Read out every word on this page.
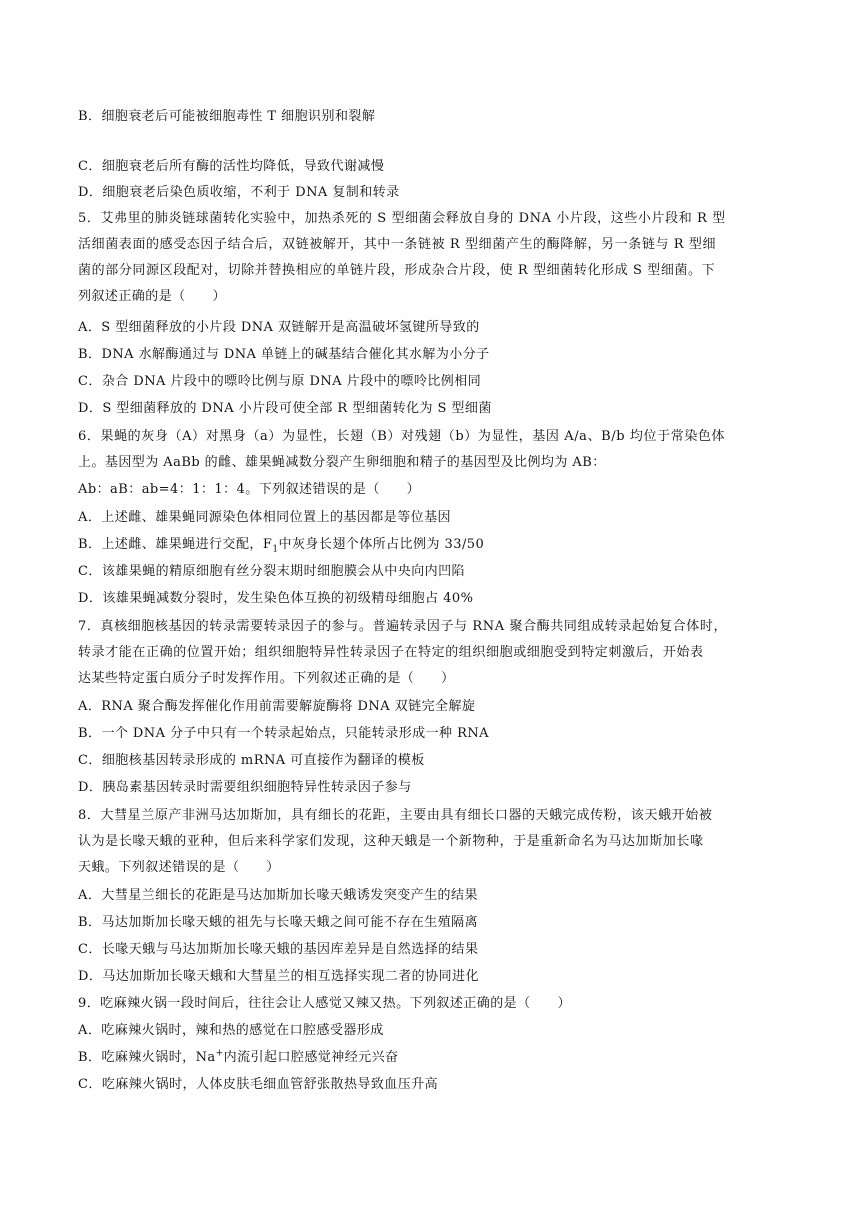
B．细胞衰老后可能被细胞毒性 T 细胞识别和裂解
C．细胞衰老后所有酶的活性均降低，导致代谢减慢
D．细胞衰老后染色质收缩，不利于 DNA 复制和转录
5．艾弗里的肺炎链球菌转化实验中，加热杀死的 S 型细菌会释放自身的 DNA 小片段，这些小片段和 R 型
活细菌表面的感受态因子结合后，双链被解开，其中一条链被 R 型细菌产生的酶降解，另一条链与 R 型细
菌的部分同源区段配对，切除并替换相应的单链片段，形成杂合片段，使 R 型细菌转化形成 S 型细菌。下
列叙述正确的是（　　）
A．S 型细菌释放的小片段 DNA 双链解开是高温破坏氢键所导致的
B．DNA 水解酶通过与 DNA 单链上的碱基结合催化其水解为小分子
C．杂合 DNA 片段中的嘌呤比例与原 DNA 片段中的嘌呤比例相同
D．S 型细菌释放的 DNA 小片段可使全部 R 型细菌转化为 S 型细菌
6．果蝇的灰身（A）对黑身（a）为显性，长翅（B）对残翅（b）为显性，基因 A/a、B/b 均位于常染色体
上。基因型为 AaBb 的雌、雄果蝇减数分裂产生卵细胞和精子的基因型及比例均为 AB：
Ab：aB：ab=4：1：1：4。下列叙述错误的是（　　）
A．上述雌、雄果蝇同源染色体相同位置上的基因都是等位基因
B．上述雌、雄果蝇进行交配，$F_1$中灰身长翅个体所占比例为 33/50
C．该雄果蝇的精原细胞有丝分裂末期时细胞膜会从中央向内凹陷
D．该雄果蝇减数分裂时，发生染色体互换的初级精母细胞占 40%
7．真核细胞核基因的转录需要转录因子的参与。普遍转录因子与 RNA 聚合酶共同组成转录起始复合体时，
转录才能在正确的位置开始；组织细胞特异性转录因子在特定的组织细胞或细胞受到特定刺激后，开始表
达某些特定蛋白质分子时发挥作用。下列叙述正确的是（　　）
A．RNA 聚合酶发挥催化作用前需要解旋酶将 DNA 双链完全解旋
B．一个 DNA 分子中只有一个转录起始点，只能转录形成一种 RNA
C．细胞核基因转录形成的 mRNA 可直接作为翻译的模板
D．胰岛素基因转录时需要组织细胞特异性转录因子参与
8．大彗星兰原产非洲马达加斯加，具有细长的花距，主要由具有细长口器的天蛾完成传粉，该天蛾开始被
认为是长喙天蛾的亚种，但后来科学家们发现，这种天蛾是一个新物种，于是重新命名为马达加斯加长喙
天蛾。下列叙述错误的是（　　）
A．大彗星兰细长的花距是马达加斯加长喙天蛾诱发突变产生的结果
B．马达加斯加长喙天蛾的祖先与长喙天蛾之间可能不存在生殖隔离
C．长喙天蛾与马达加斯加长喙天蛾的基因库差异是自然选择的结果
D．马达加斯加长喙天蛾和大彗星兰的相互选择实现二者的协同进化
9．吃麻辣火锅一段时间后，往往会让人感觉又辣又热。下列叙述正确的是（　　）
A．吃麻辣火锅时，辣和热的感觉在口腔感受器形成
B．吃麻辣火锅时，Na+内流引起口腔感觉神经元兴奋
C．吃麻辣火锅时，人体皮肤毛细血管舒张散热导致血压升高
